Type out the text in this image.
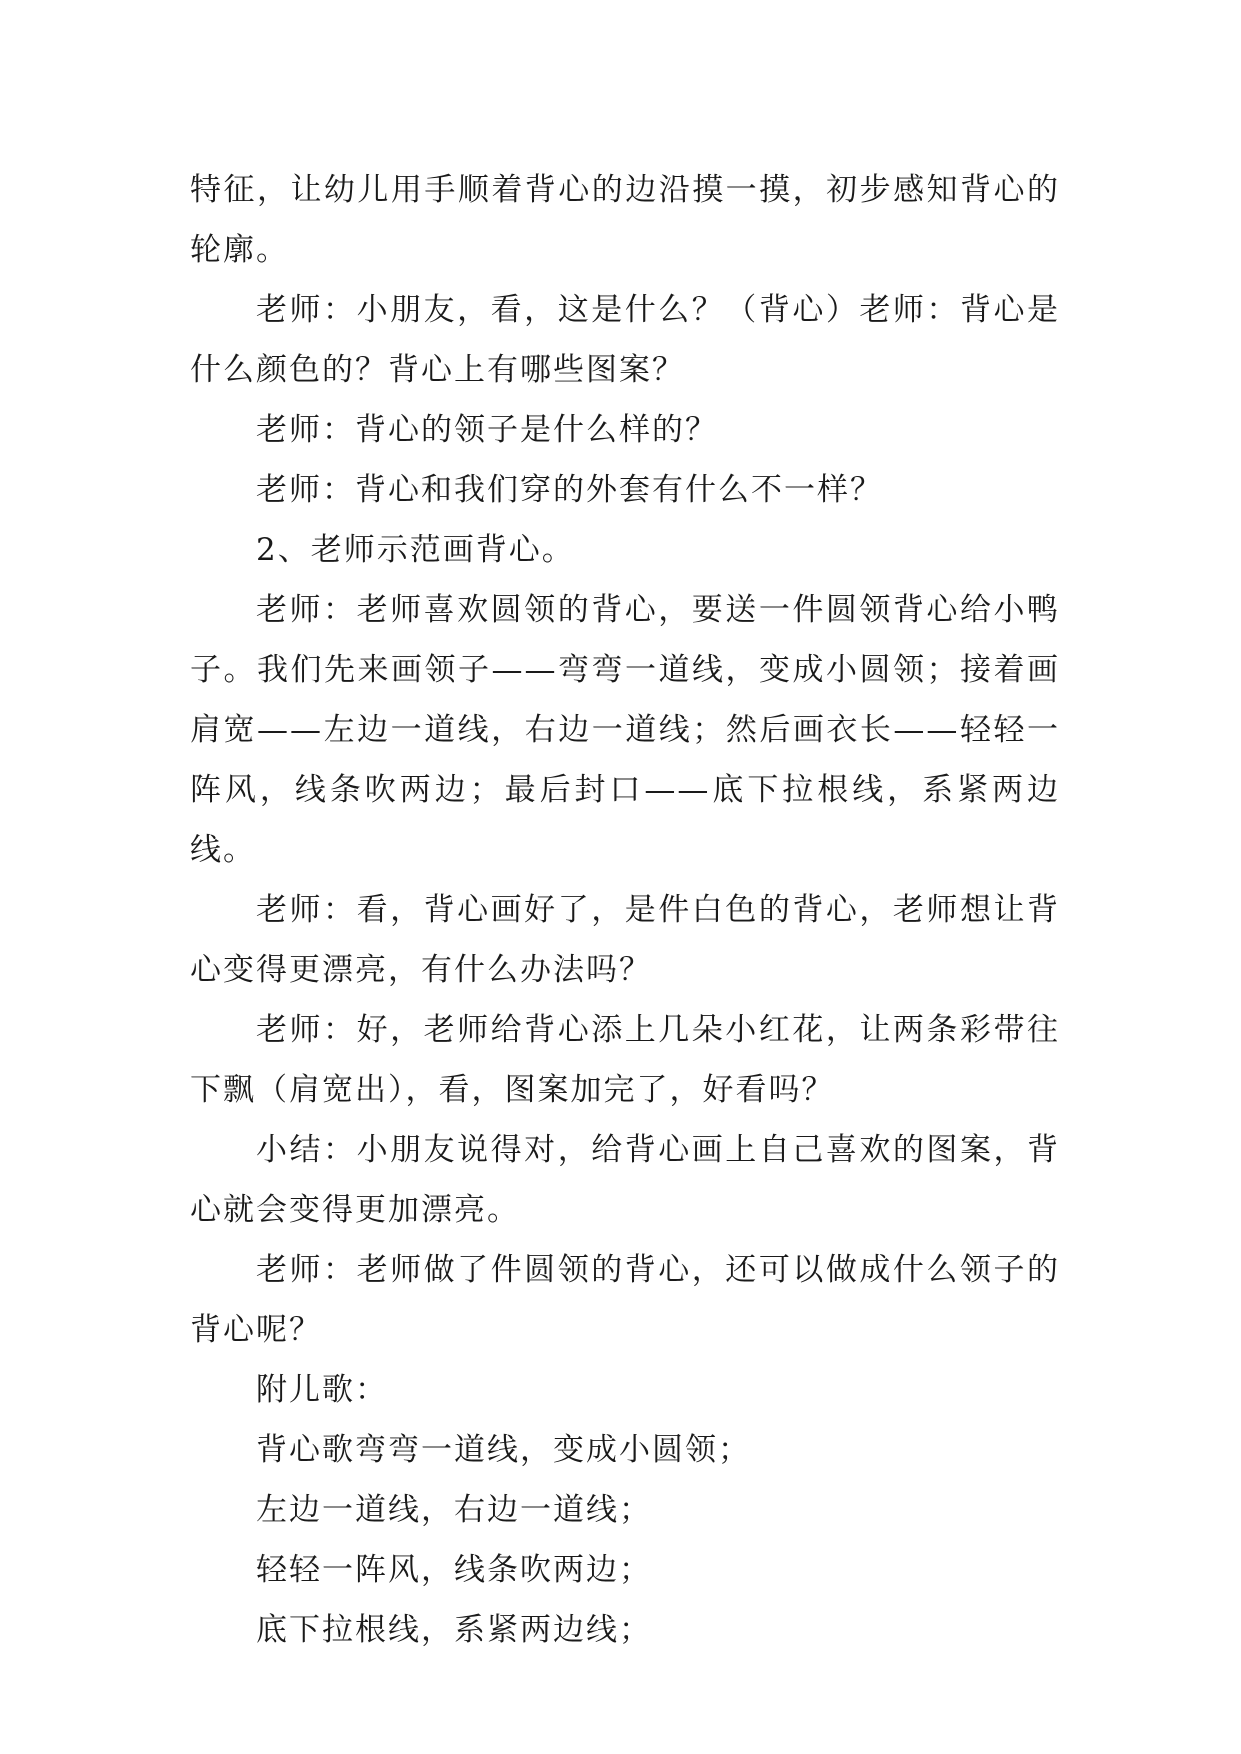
特征，让幼儿用手顺着背心的边沿摸一摸，初步感知背心的轮廓。

老师：小朋友，看，这是什么？（背心）老师：背心是什么颜色的？背心上有哪些图案？

老师：背心的领子是什么样的？

老师：背心和我们穿的外套有什么不一样？

2、老师示范画背心。

老师：老师喜欢圆领的背心，要送一件圆领背心给小鸭子。我们先来画领子——弯弯一道线，变成小圆领；接着画肩宽——左边一道线，右边一道线；然后画衣长——轻轻一阵风，线条吹两边；最后封口——底下拉根线，系紧两边线。

老师：看，背心画好了，是件白色的背心，老师想让背心变得更漂亮，有什么办法吗？

老师：好，老师给背心添上几朵小红花，让两条彩带往下飘（肩宽出），看，图案加完了，好看吗？

小结：小朋友说得对，给背心画上自己喜欢的图案，背心就会变得更加漂亮。

老师：老师做了件圆领的背心，还可以做成什么领子的背心呢？

附儿歌：

背心歌弯弯一道线，变成小圆领；

左边一道线，右边一道线；

轻轻一阵风，线条吹两边；

底下拉根线，系紧两边线；
